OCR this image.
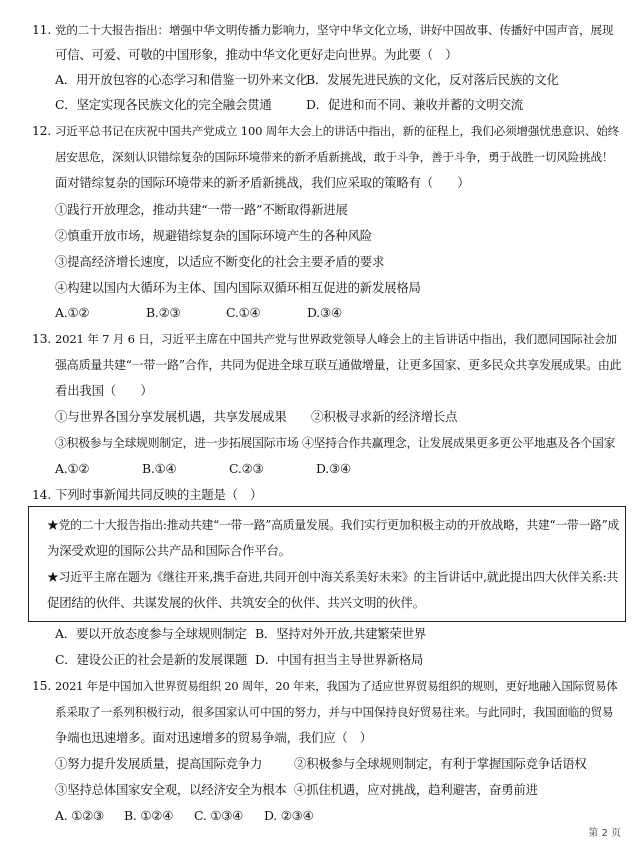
11. 党的二十大报告指出：增强中华文明传播力影响力，坚守中华文化立场，讲好中国故事、传播好中国声音，展现
可信、可爱、可敬的中国形象，推动中华文化更好走向世界。为此要（　）
A．用开放包容的心态学习和借鉴一切外来文化
B．发展先进民族的文化，反对落后民族的文化
C．坚定实现各民族文化的完全融会贯通	D．促进和而不同、兼收并蓄的文明交流
12. 习近平总书记在庆祝中国共产党成立 100 周年大会上的讲话中指出，新的征程上，我们必须增强忧患意识、始终
居安思危，深刻认识错综复杂的国际环境带来的新矛盾新挑战，敢于斗争，善于斗争，勇于战胜一切风险挑战！
面对错综复杂的国际环境带来的新矛盾新挑战，我们应采取的策略有（　　）
①践行开放理念，推动共建“一带一路”不断取得新进展
②慎重开放市场，规避错综复杂的国际环境产生的各种风险
③提高经济增长速度，以适应不断变化的社会主要矛盾的要求
④构建以国内大循环为主体、国内国际双循环相互促进的新发展格局
A.①②	B.②③	C.①④	D.③④
13. 2021 年 7 月 6 日，习近平主席在中国共产党与世界政党领导人峰会上的主旨讲话中指出，我们愿同国际社会加
强高质量共建“一带一路”合作，共同为促进全球互联互通做增量，让更多国家、更多民众共享发展成果。由此
看出我国（　　）
①与世界各国分享发展机遇，共享发展成果　　②积极寻求新的经济增长点
③积极参与全球规则制定，进一步拓展国际市场 ④坚持合作共赢理念，让发展成果更多更公平地惠及各个国家
A.①②	B.①④	C.②③	D.③④
14. 下列时事新闻共同反映的主题是（　）
★党的二十大报告指出:推动共建“一带一路”高质量发展。我们实行更加积极主动的开放战略，共建“一带一路”成
为深受欢迎的国际公共产品和国际合作平台。
★习近平主席在题为《继往开来,携手奋进,共同开创中海关系美好未来》的主旨讲话中,就此提出四大伙伴关系:共
促团结的伙伴、共谋发展的伙伴、共筑安全的伙伴、共兴文明的伙伴。
A．要以开放态度参与全球规则制定 B．坚持对外开放,共建繁荣世界
C．建设公正的社会是新的发展课题 D．中国有担当主导世界新格局
15. 2021 年是中国加入世界贸易组织 20 周年，20 年来，我国为了适应世界贸易组织的规则，更好地融入国际贸易体
系采取了一系列积极行动，很多国家认可中国的努力，并与中国保持良好贸易往来。与此同时，我国面临的贸易
争端也迅速增多。面对迅速增多的贸易争端，我们应（　）
①努力提升发展质量，提高国际竞争力	②积极参与全球规则制定，有利于掌握国际竞争话语权
③坚持总体国家安全观，以经济安全为根本 ④抓住机遇，应对挑战，趋利避害，奋勇前进
A. ①②③ B. ①②④ C. ①③④ D. ②③④
第 2 页
